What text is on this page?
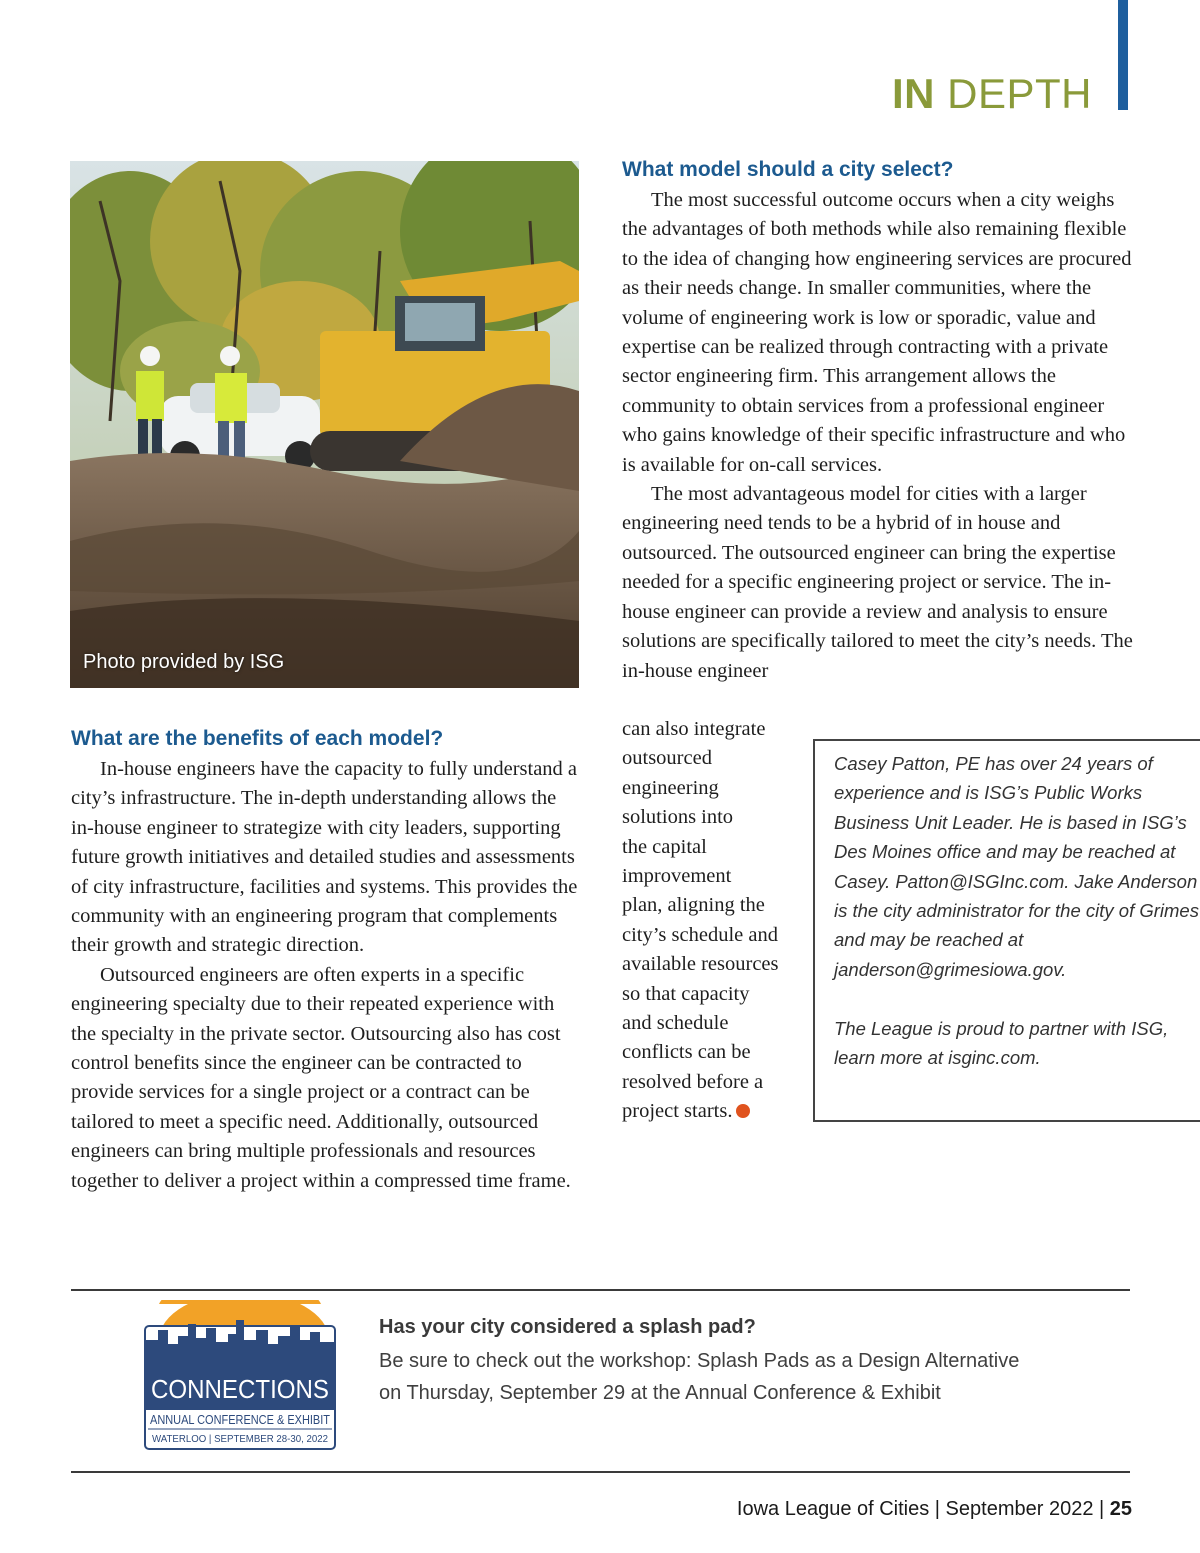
IN DEPTH
Photo provided by ISG
What are the benefits of each model?

In-house engineers have the capacity to fully understand a city’s infrastructure. The in-depth understanding allows the in-house engineer to strategize with city leaders, supporting future growth initiatives and detailed studies and assessments of city infrastructure, facilities and systems. This provides the community with an engineering program that complements their growth and strategic direction.

Outsourced engineers are often experts in a specific engineering specialty due to their repeated experience with the specialty in the private sector. Outsourcing also has cost control benefits since the engineer can be contracted to provide services for a single project or a contract can be tailored to meet a specific need. Additionally, outsourced engineers can bring multiple professionals and resources together to deliver a project within a compressed time frame.

What model should a city select?

The most successful outcome occurs when a city weighs the advantages of both methods while also remaining flexible to the idea of changing how engineering services are procured as their needs change. In smaller communities, where the volume of engineering work is low or sporadic, value and expertise can be realized through contracting with a private sector engineering firm. This arrangement allows the community to obtain services from a professional engineer who gains knowledge of their specific infrastructure and who is available for on-call services.

The most advantageous model for cities with a larger engineering need tends to be a hybrid of in house and outsourced. The outsourced engineer can bring the expertise needed for a specific engineering project or service. The in-house engineer can provide a review and analysis to ensure solutions are specifically tailored to meet the city’s needs. The in-house engineer

can also integrate
outsourced
engineering
solutions into
the capital
improvement
plan, aligning the
city’s schedule and
available resources
so that capacity
and schedule
conflicts can be
resolved before a
project starts.

Casey Patton, PE has over 24 years of experience and is ISG’s Public Works Business Unit Leader. He is based in ISG’s Des Moines office and may be reached at Casey. Patton@ISGInc.com. Jake Anderson is the city administrator for the city of Grimes and may be reached at janderson@grimesiowa.gov.

The League is proud to partner with ISG, learn more at isginc.com.

CONNECTIONS
ANNUAL CONFERENCE & EXHIBIT
WATERLOO | SEPTEMBER 28-30, 2022
Has your city considered a splash pad?
Be sure to check out the workshop: Splash Pads as a Design Alternative
on Thursday, September 29 at the Annual Conference & Exhibit
Iowa League of Cities | September 2022 | 25
